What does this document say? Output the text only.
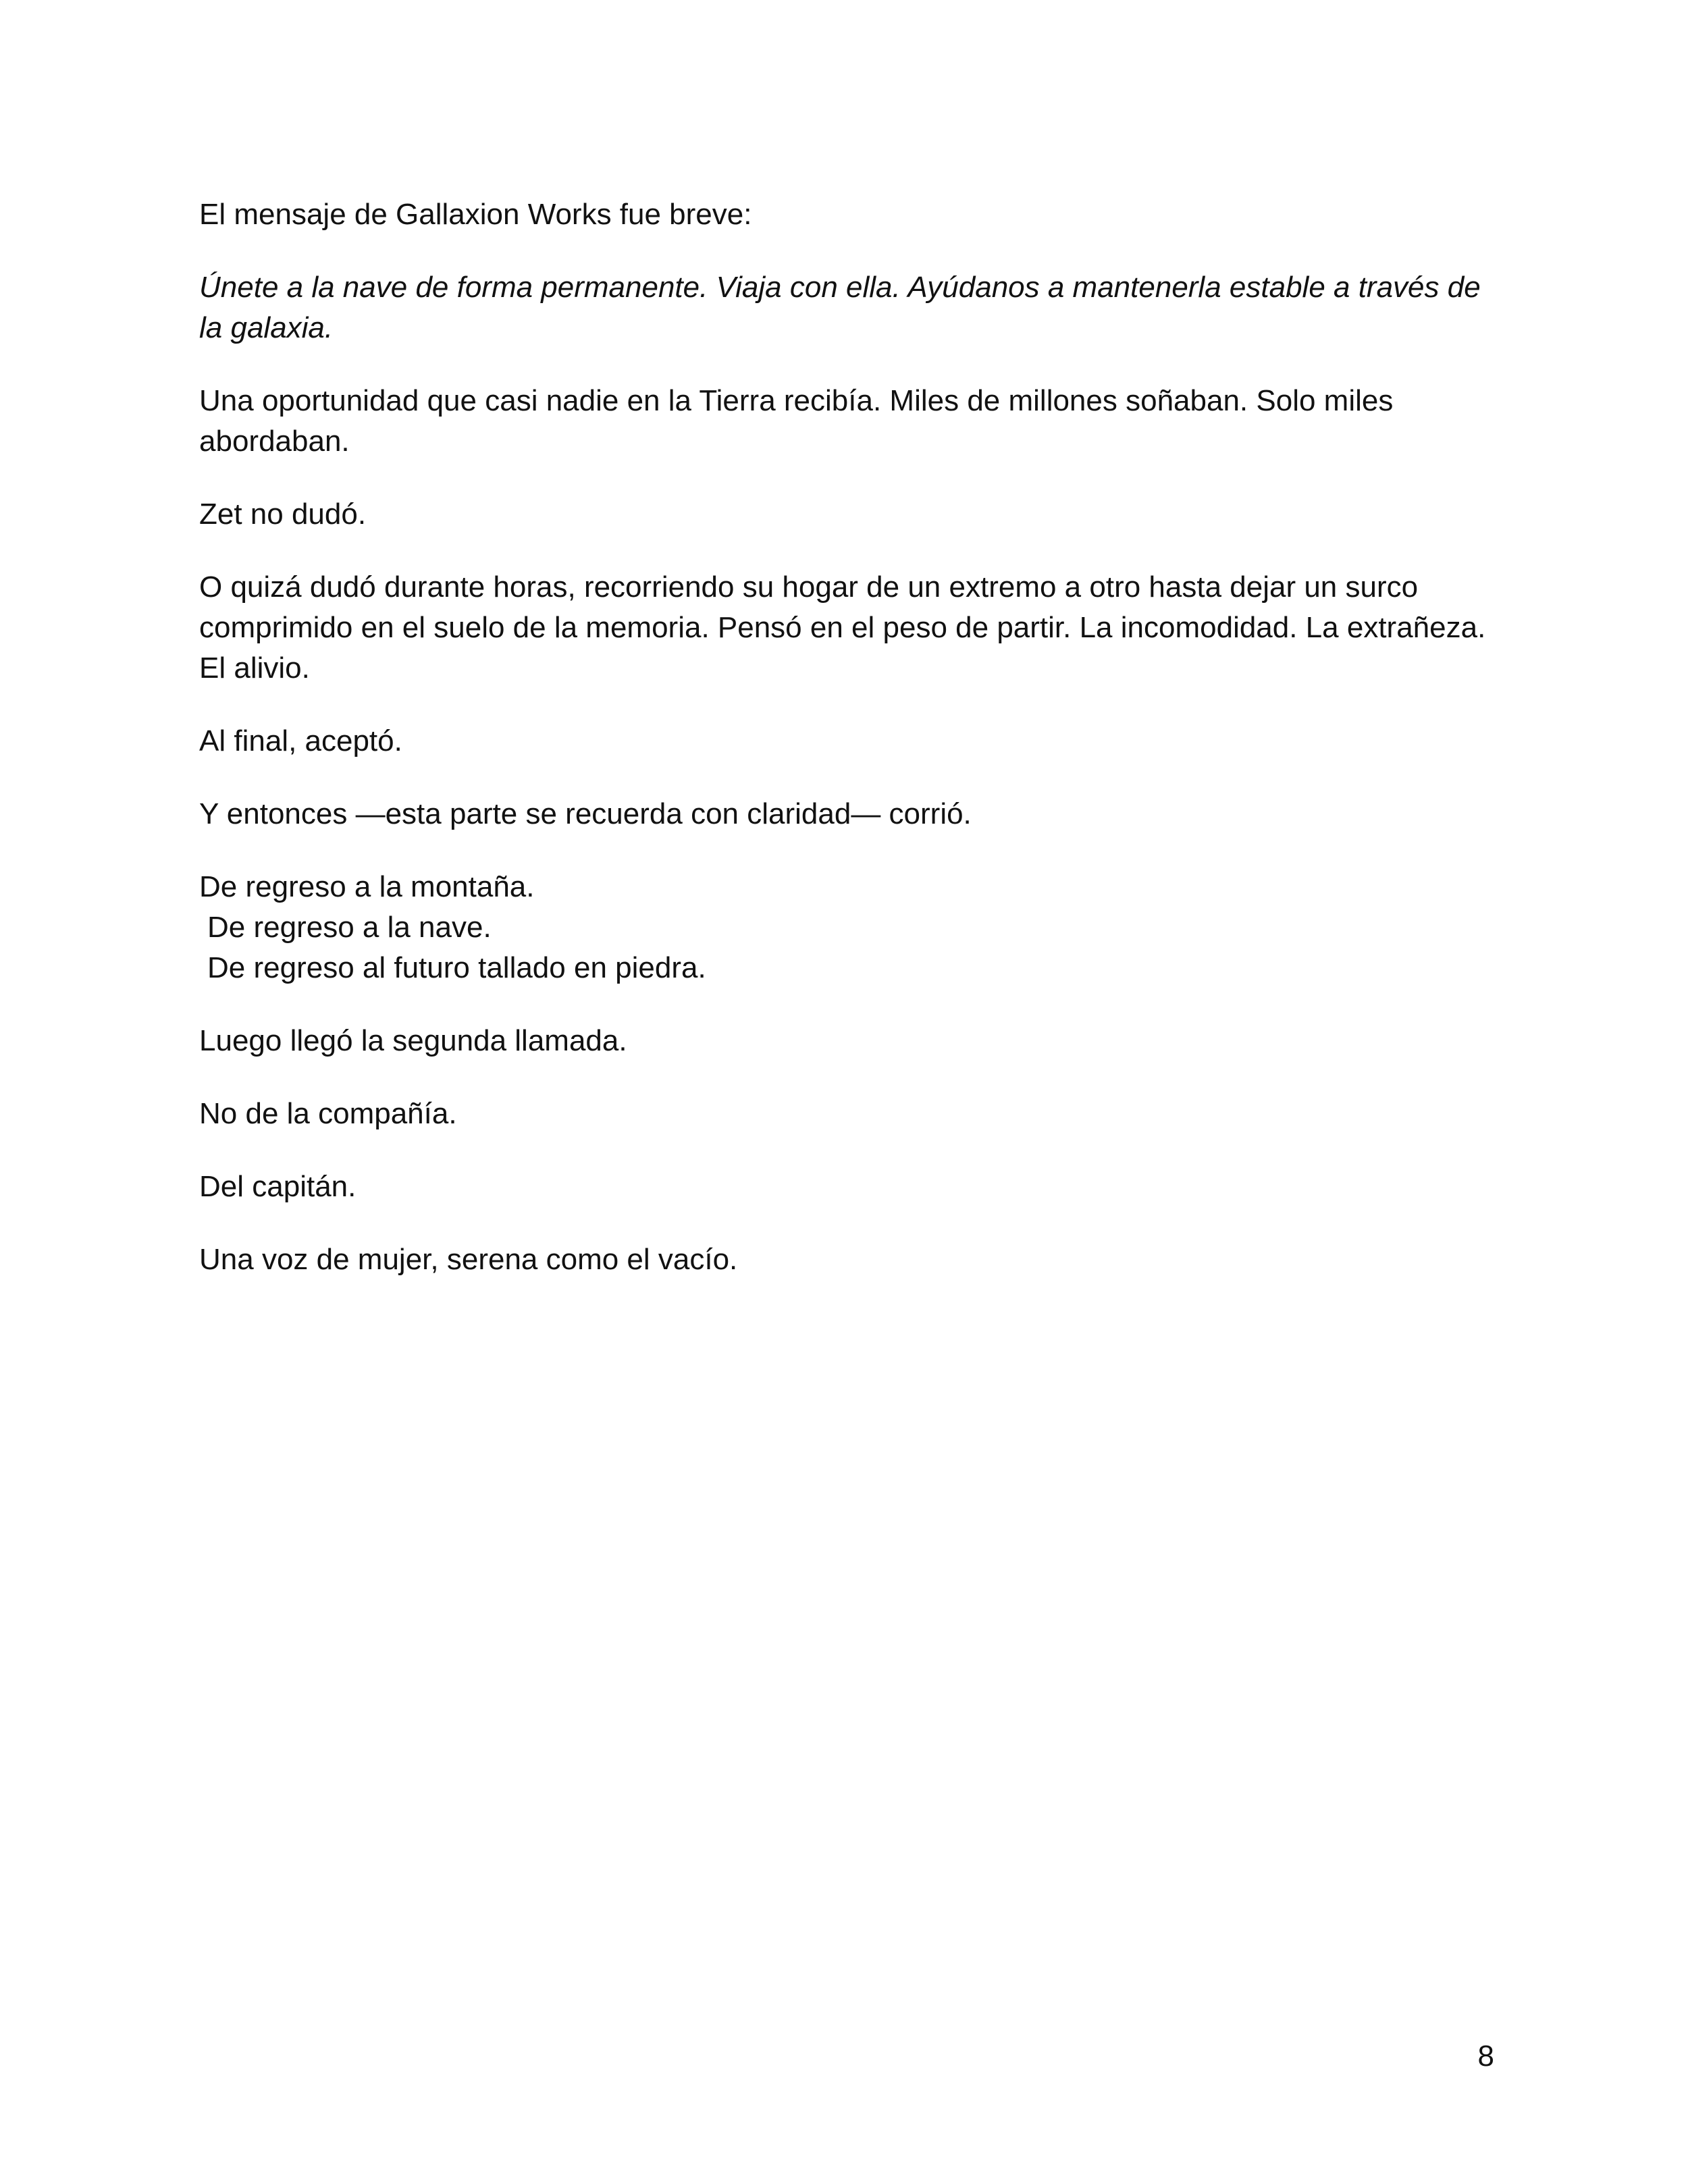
El mensaje de Gallaxion Works fue breve:

Únete a la nave de forma permanente. Viaja con ella. Ayúdanos a mantenerla estable a través de la galaxia.

Una oportunidad que casi nadie en la Tierra recibía. Miles de millones soñaban. Solo miles abordaban.

Zet no dudó.

O quizá dudó durante horas, recorriendo su hogar de un extremo a otro hasta dejar un surco comprimido en el suelo de la memoria. Pensó en el peso de partir. La incomodidad. La extrañeza. El alivio.

Al final, aceptó.

Y entonces —esta parte se recuerda con claridad— corrió.

De regreso a la montaña.
De regreso a la nave.
De regreso al futuro tallado en piedra.

Luego llegó la segunda llamada.

No de la compañía.

Del capitán.

Una voz de mujer, serena como el vacío.

8
